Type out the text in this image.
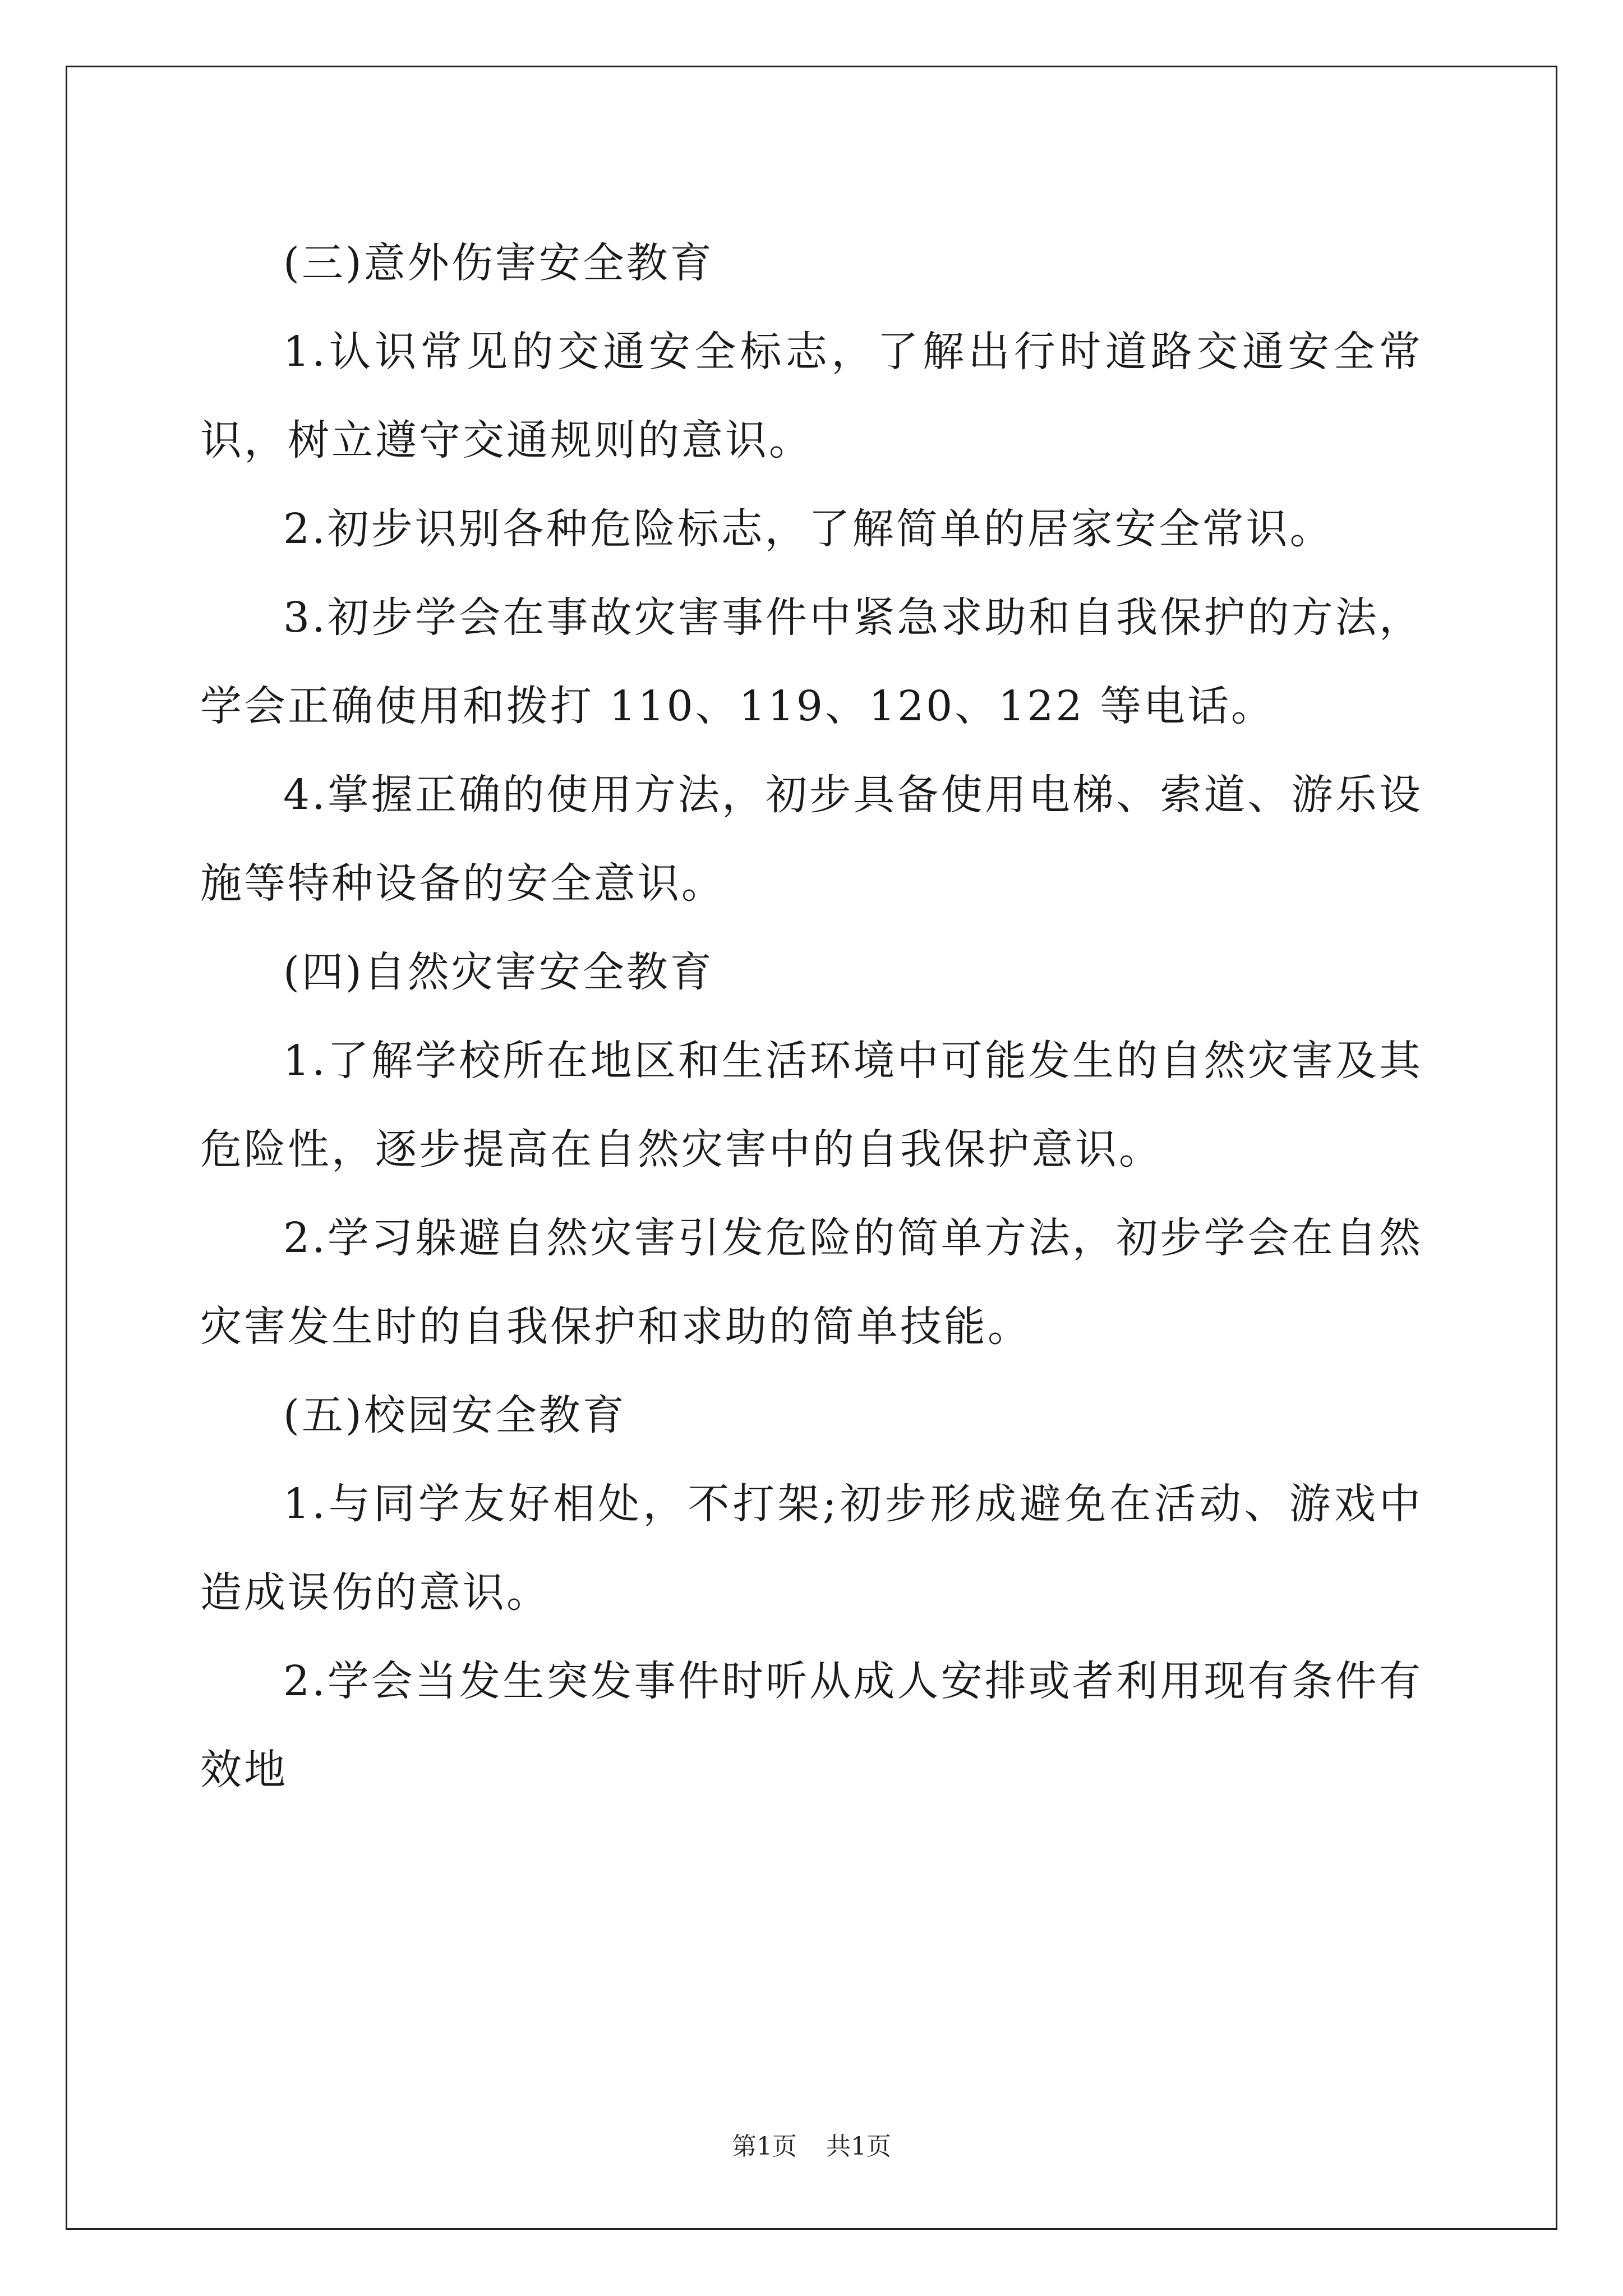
(三)意外伤害安全教育

1.认识常见的交通安全标志，了解出行时道路交通安全常识，树立遵守交通规则的意识。

2.初步识别各种危险标志，了解简单的居家安全常识。

3.初步学会在事故灾害事件中紧急求助和自我保护的方法，学会正确使用和拨打 110、119、120、122 等电话。

4.掌握正确的使用方法，初步具备使用电梯、索道、游乐设施等特种设备的安全意识。

(四)自然灾害安全教育

1.了解学校所在地区和生活环境中可能发生的自然灾害及其危险性，逐步提高在自然灾害中的自我保护意识。

2.学习躲避自然灾害引发危险的简单方法，初步学会在自然灾害发生时的自我保护和求助的简单技能。

(五)校园安全教育

1.与同学友好相处，不打架;初步形成避免在活动、游戏中造成误伤的意识。

2.学会当发生突发事件时听从成人安排或者利用现有条件有效地

第1页 共1页
